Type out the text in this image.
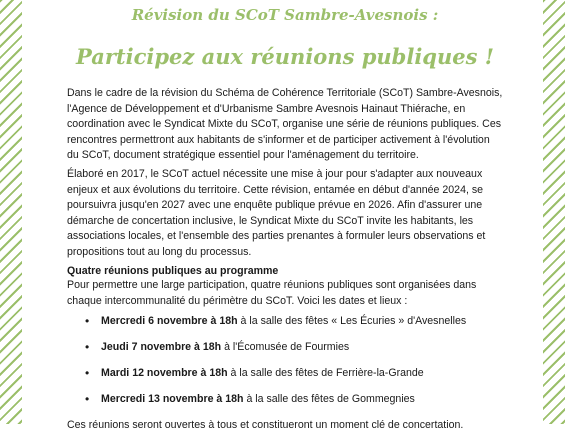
Révision du SCoT Sambre-Avesnois :
Participez aux réunions publiques !

Dans le cadre de la révision du Schéma de Cohérence Territoriale (SCoT) Sambre-Avesnois, l'Agence de Développement et d'Urbanisme Sambre Avesnois Hainaut Thiérache, en coordination avec le Syndicat Mixte du SCoT, organise une série de réunions publiques. Ces rencontres permettront aux habitants de s'informer et de participer activement à l'évolution du SCoT, document stratégique essentiel pour l'aménagement du territoire.

Élaboré en 2017, le SCoT actuel nécessite une mise à jour pour s'adapter aux nouveaux enjeux et aux évolutions du territoire. Cette révision, entamée en début d'année 2024, se poursuivra jusqu'en 2027 avec une enquête publique prévue en 2026. Afin d'assurer une démarche de concertation inclusive, le Syndicat Mixte du SCoT invite les habitants, les associations locales, et l'ensemble des parties prenantes à formuler leurs observations et propositions tout au long du processus.

Quatre réunions publiques au programme

Pour permettre une large participation, quatre réunions publiques sont organisées dans chaque intercommunalité du périmètre du SCoT. Voici les dates et lieux :

• Mercredi 6 novembre à 18h à la salle des fêtes « Les Écuries » d'Avesnelles
• Jeudi 7 novembre à 18h à l'Écomusée de Fourmies
• Mardi 12 novembre à 18h à la salle des fêtes de Ferrière-la-Grande
• Mercredi 13 novembre à 18h à la salle des fêtes de Gommegnies

Ces réunions seront ouvertes à tous et constitueront un moment clé de concertation.
